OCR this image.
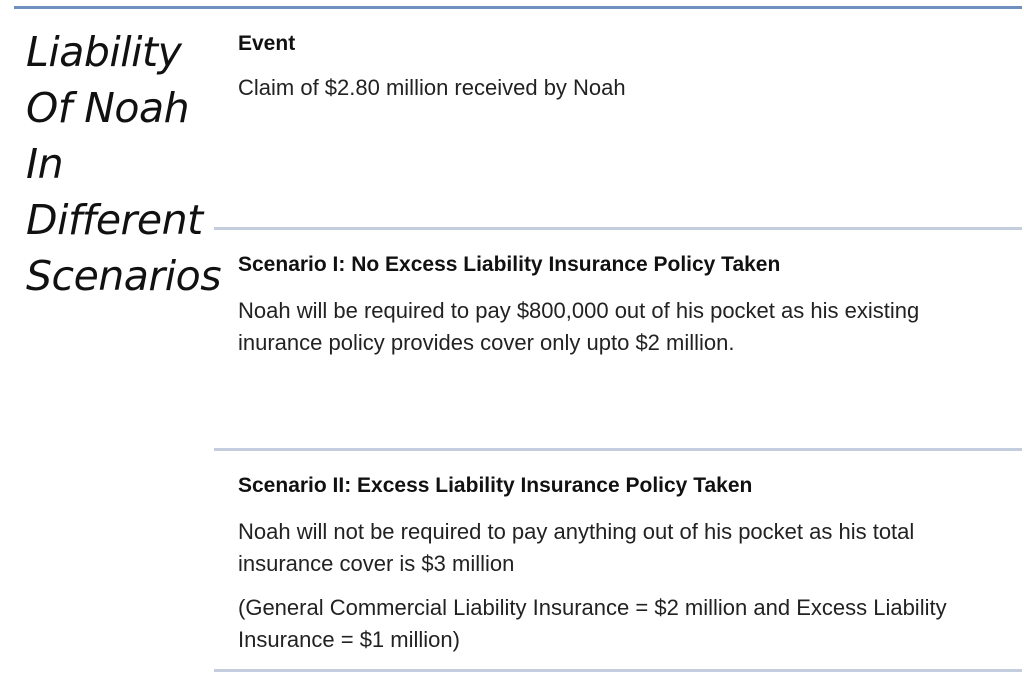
Liability
Of Noah
In
Different
Scenarios
Event

Claim of $2.80 million received by Noah

Scenario I: No Excess Liability Insurance Policy Taken

Noah will be required to pay $800,000 out of his pocket as his existing inurance policy provides cover only upto $2 million.

Scenario II: Excess Liability Insurance Policy Taken

Noah will not be required to pay anything out of his pocket as his total insurance cover is $3 million

(General Commercial Liability Insurance = $2 million and Excess Liability Insurance = $1 million)
